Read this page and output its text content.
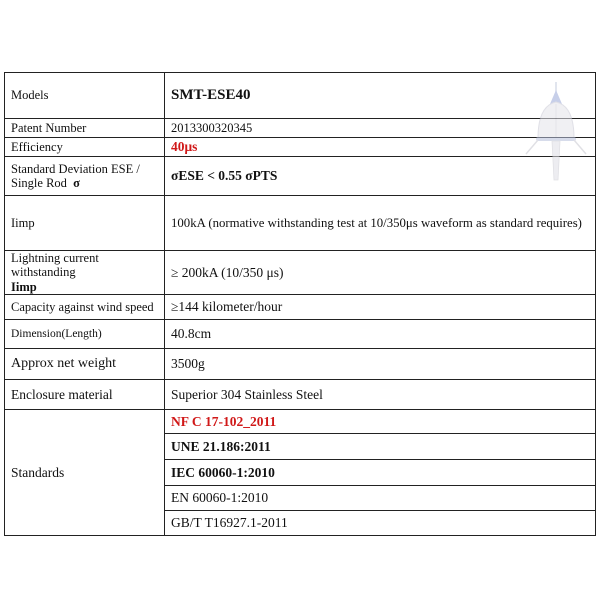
Models	SMT-ESE40
Patent Number	2013300320345
Efficiency	40μs

Standard Deviation ESE /
Single Rod σ	σESE < 0.55 σPTS
Iimp	100kA (normative withstanding test at 10/350μs waveform as standard requires)

Lightning current withstanding
Iimp	≥ 200kA (10/350 μs)
Capacity against wind speed	≥144 kilometer/hour
Dimension(Length)	40.8cm
Approx net weight	3500g
Enclosure material	Superior 304 Stainless Steel
Standards	NF C 17-102_2011
	UNE 21.186:2011
	IEC 60060-1:2010
	EN 60060-1:2010
	GB/T T16927.1-2011
